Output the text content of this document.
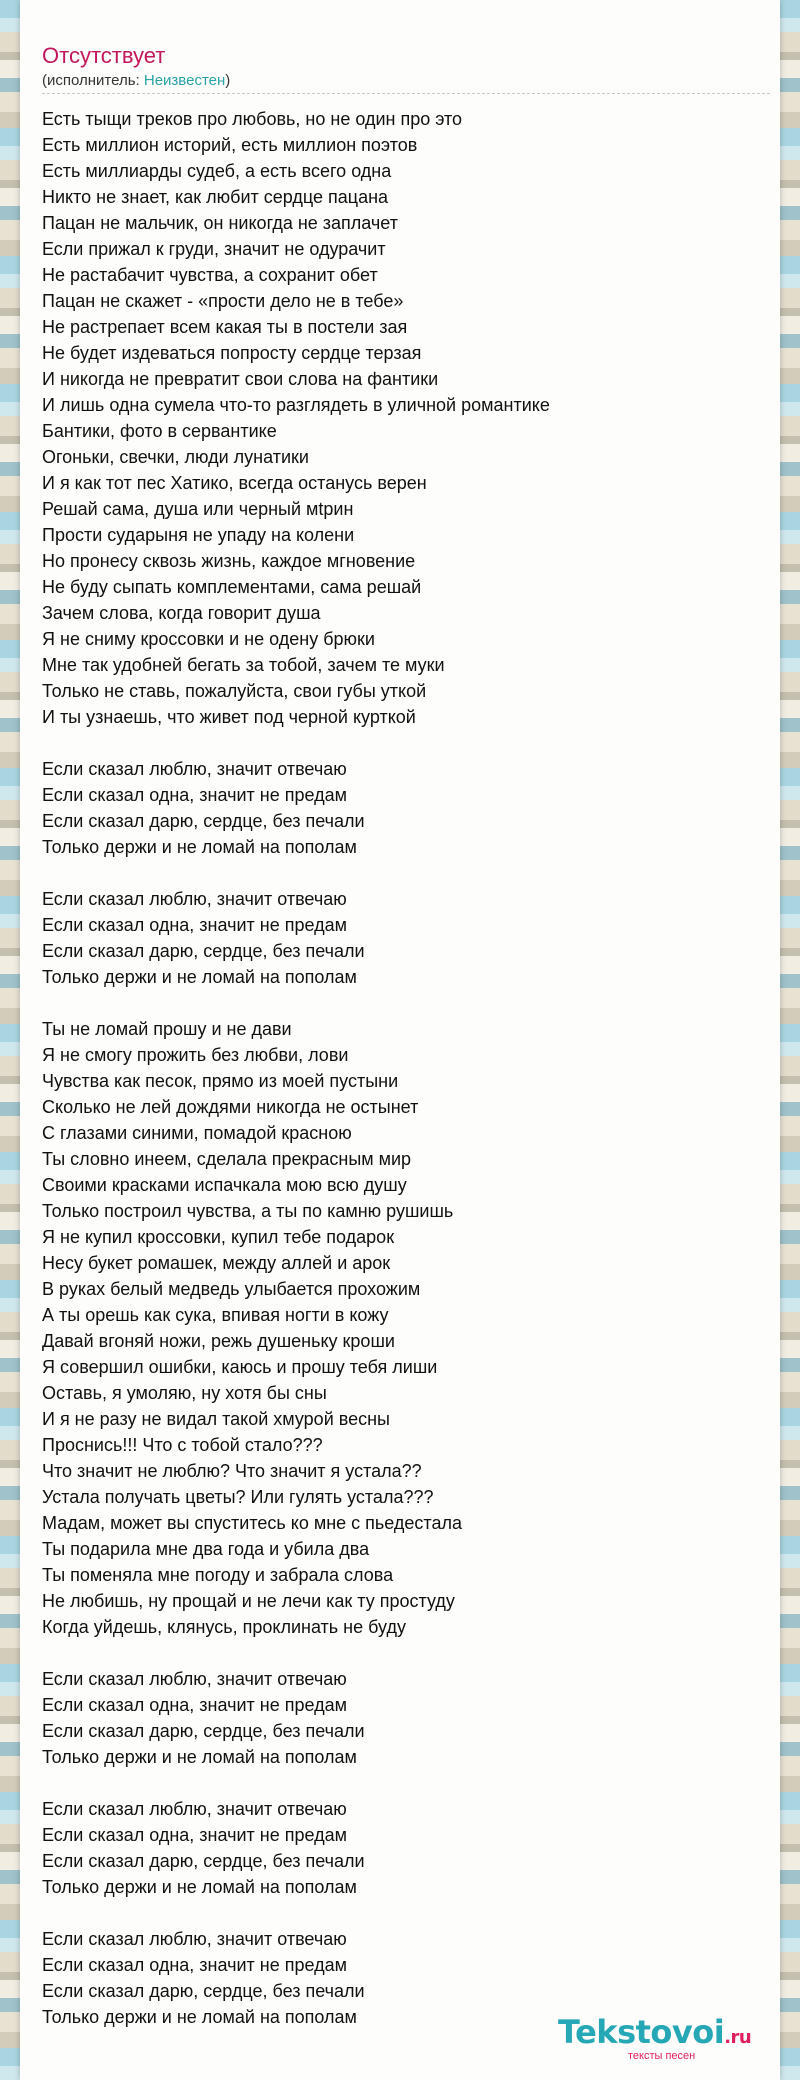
Отсутствует
(исполнитель: Неизвестен)
Есть тыщи треков про любовь, но не один про это
Есть миллион историй, есть миллион поэтов
Есть миллиарды судеб, а есть всего одна
Никто не знает, как любит сердце пацана
Пацан не мальчик, он никогда не заплачет
Если прижал к груди, значит не одурачит
Не растабачит чувства, а сохранит обет
Пацан не скажет - «прости дело не в тебе»
Не растрепает всем какая ты в постели зая
Не будет издеваться попросту сердце терзая
И никогда не превратит свои слова на фантики
И лишь одна сумела что-то разглядеть в уличной романтике
Бантики, фото в сервантике
Огоньки, свечки, люди лунатики
И я как тот пес Хатико, всегда останусь верен
Решай сама, душа или черный мtрин
Прости сударыня не упаду на колени
Но пронесу сквозь жизнь, каждое мгновение
Не буду сыпать комплементами, сама решай
Зачем слова, когда говорит душа
Я не сниму кроссовки и не одену брюки
Мне так удобней бегать за тобой, зачем те муки
Только не ставь, пожалуйста, свои губы уткой
И ты узнаешь, что живет под черной курткой
Если сказал люблю, значит отвечаю
Если сказал одна, значит не предам
Если сказал дарю, сердце, без печали
Только держи и не ломай на пополам
Если сказал люблю, значит отвечаю
Если сказал одна, значит не предам
Если сказал дарю, сердце, без печали
Только держи и не ломай на пополам
Ты не ломай прошу и не дави
Я не смогу прожить без любви, лови
Чувства как песок, прямо из моей пустыни
Сколько не лей дождями никогда не остынет
С глазами синими, помадой красною
Ты словно инеем, сделала прекрасным мир
Своими красками испачкала мою всю душу
Только построил чувства, а ты по камню рушишь
Я не купил кроссовки, купил тебе подарок
Несу букет ромашек, между аллей и арок
В руках белый медведь улыбается прохожим
А ты орешь как сука, впивая ногти в кожу
Давай вгоняй ножи, режь душеньку кроши
Я совершил ошибки, каюсь и прошу тебя лиши
Оставь, я умоляю, ну хотя бы сны
И я не разу не видал такой хмурой весны
Проснись!!! Что с тобой стало???
Что значит не люблю? Что значит я устала??
Устала получать цветы? Или гулять устала???
Мадам, может вы спуститесь ко мне с пьедестала
Ты подарила мне два года и убила два
Ты поменяла мне погоду и забрала слова
Не любишь, ну прощай и не лечи как ту простуду
Когда уйдешь, клянусь, проклинать не буду
Если сказал люблю, значит отвечаю
Если сказал одна, значит не предам
Если сказал дарю, сердце, без печали
Только держи и не ломай на пополам
Если сказал люблю, значит отвечаю
Если сказал одна, значит не предам
Если сказал дарю, сердце, без печали
Только держи и не ломай на пополам
Если сказал люблю, значит отвечаю
Если сказал одна, значит не предам
Если сказал дарю, сердце, без печали
Только держи и не ломай на пополам	Tekstovoi.ru
тексты песен
